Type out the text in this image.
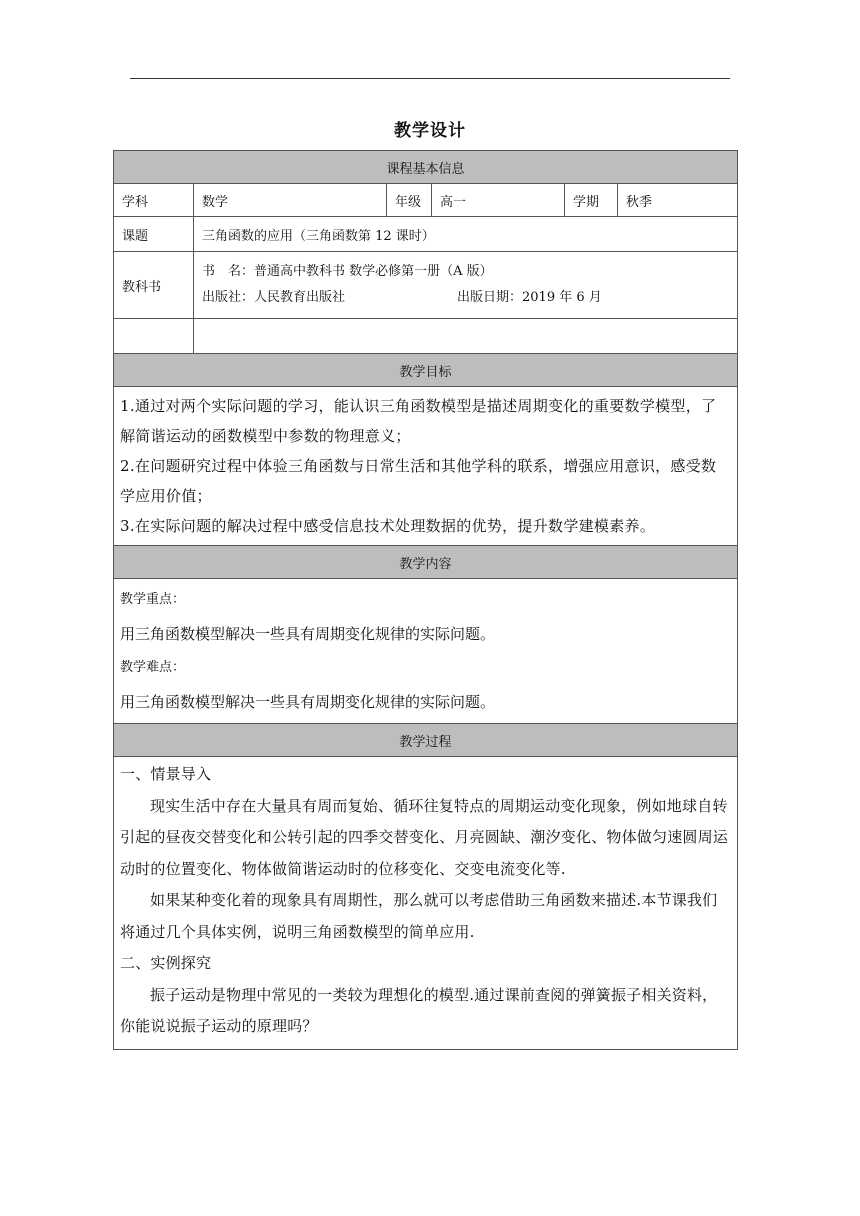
教学设计
课程基本信息					
学科	数学	年级	高一	学期	秋季
课题	三角函数的应用（三角函数第 12 课时）				
教科书	书　名：普通高中教科书 数学必修第一册（A 版）
出版社：人民教育出版社 出版日期：2019 年 6 月				

教学目标					

1.通过对两个实际问题的学习，能认识三角函数模型是描述周期变化的重要数学模型，了解简谐运动的函数模型中参数的物理意义；

2.在问题研究过程中体验三角函数与日常生活和其他学科的联系，增强应用意识，感受数学应用价值；

3.在实际问题的解决过程中感受信息技术处理数据的优势，提升数学建模素养。					

教学内容					

教学重点：

用三角函数模型解决一些具有周期变化规律的实际问题。

教学难点：

用三角函数模型解决一些具有周期变化规律的实际问题。					

教学过程					

一、情景导入

现实生活中存在大量具有周而复始、循环往复特点的周期运动变化现象，例如地球自转引起的昼夜交替变化和公转引起的四季交替变化、月亮圆缺、潮汐变化、物体做匀速圆周运动时的位置变化、物体做简谐运动时的位移变化、交变电流变化等.

如果某种变化着的现象具有周期性，那么就可以考虑借助三角函数来描述.本节课我们将通过几个具体实例，说明三角函数模型的简单应用.

二、实例探究

振子运动是物理中常见的一类较为理想化的模型.通过课前查阅的弹簧振子相关资料，你能说说振子运动的原理吗？					
